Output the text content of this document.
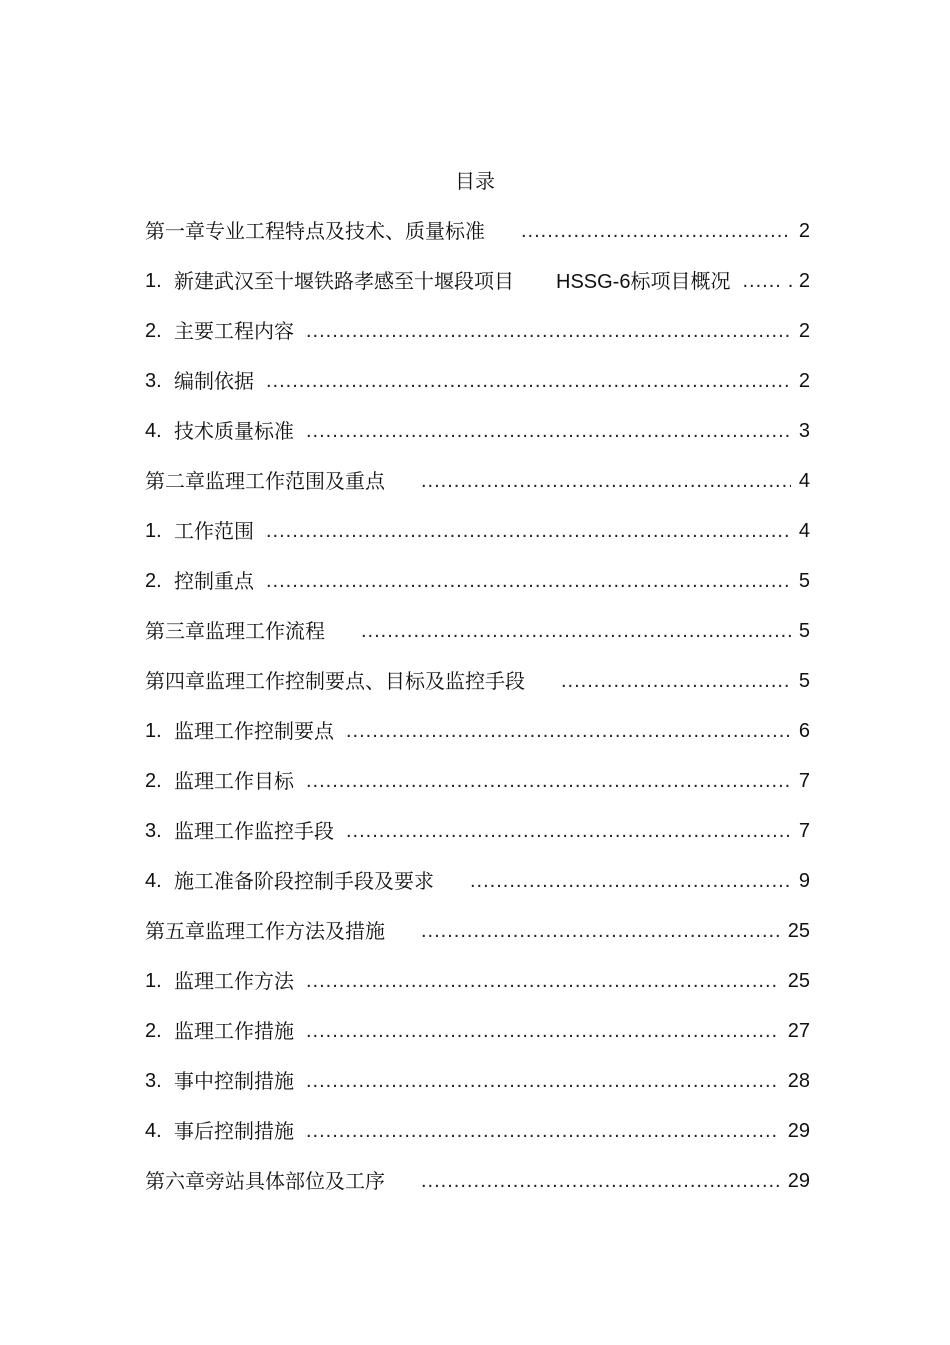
目录
第一章专业工程特点及技术、质量标准 .....	2
1. 新建武汉至十堰铁路孝感至十堰段项目 HSSG-6标项目概况 .....	. 2
2. 主要工程内容 .....	2
3. 编制依据 .....	2
4. 技术质量标准 .....	3
第二章监理工作范围及重点 .....	4
1. 工作范围 .....	4
2. 控制重点 .....	5
第三章监理工作流程 .....	5
第四章监理工作控制要点、目标及监控手段 .....	5
1. 监理工作控制要点 .....	6
2. 监理工作目标 .....	7
3. 监理工作监控手段 .....	7
4. 施工准备阶段控制手段及要求 .....	9
第五章监理工作方法及措施 .....	25
1. 监理工作方法 .....	25
2. 监理工作措施 .....	27
3. 事中控制措施 .....	28
4. 事后控制措施 .....	29
第六章旁站具体部位及工序 .....	29
